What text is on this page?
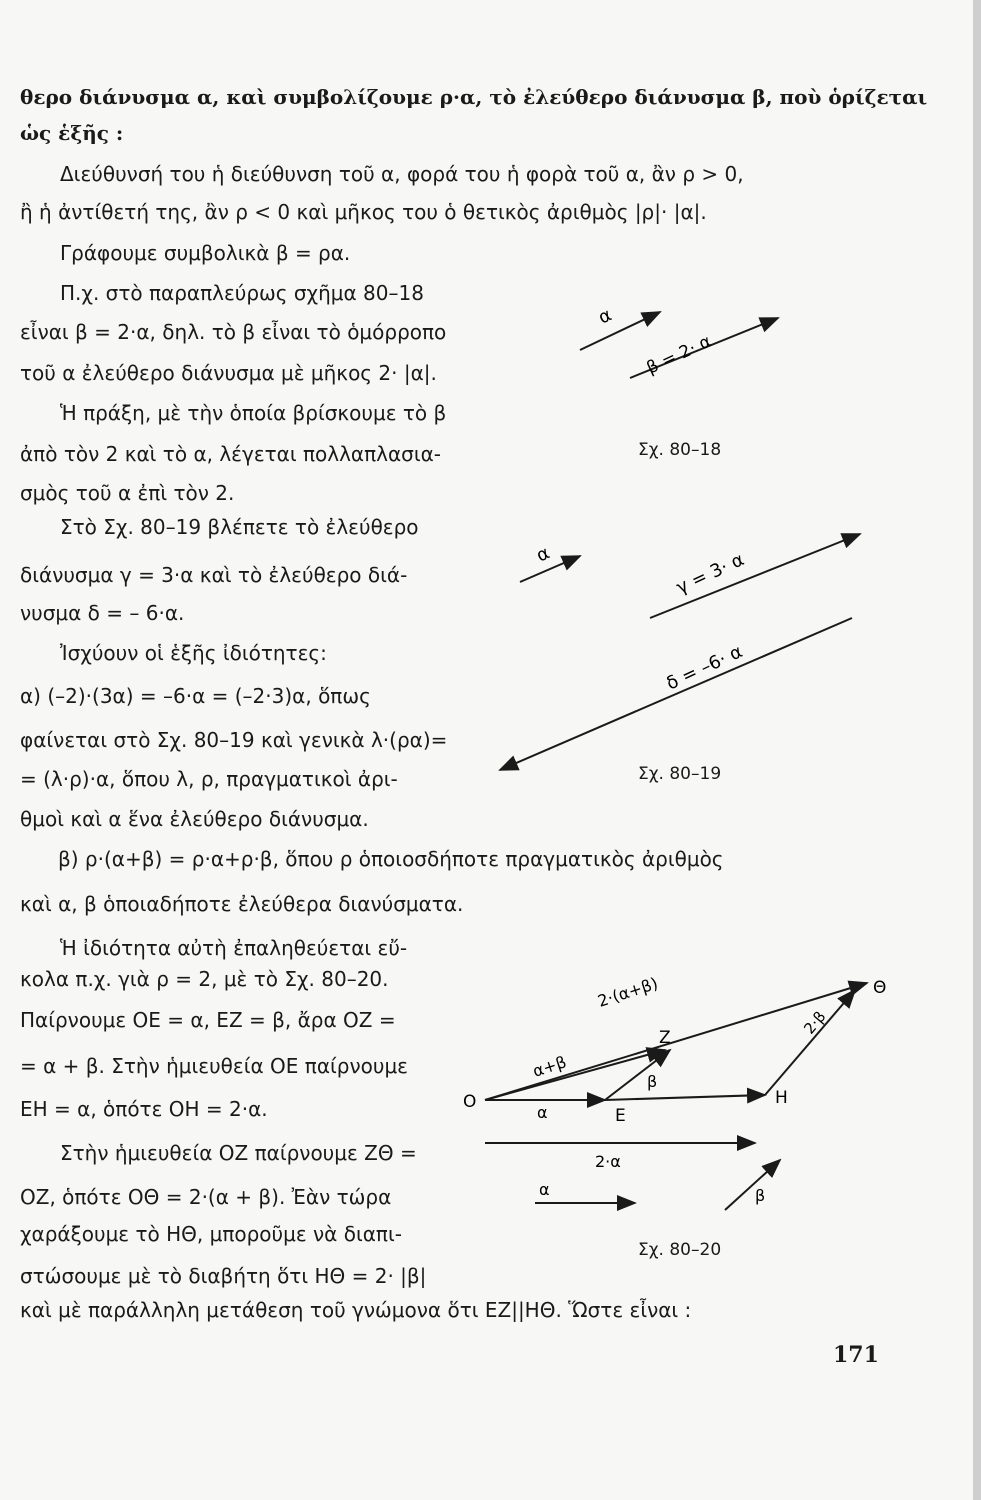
θερο διάνυσμα α, καὶ συμβολίζουμε ρ·α, τὸ ἐλεύθερο διάνυσμα β, ποὺ ὁρίζεται
ὡς ἑξῆς :
Διεύθυνσή του ἡ διεύθυνση τοῦ α, φορά του ἡ φορὰ τοῦ α, ἂν ρ > 0,
ἢ ἡ ἀντίθετή της, ἂν ρ < 0 καὶ μῆκος του ὁ θετικὸς ἀριθμὸς |ρ|· |α|.
Γράφουμε συμβολικὰ β = ρα.
Π.χ. στὸ παραπλεύρως σχῆμα 80–18
εἶναι β = 2·α, δηλ. τὸ β εἶναι τὸ ὁμόρροπο
τοῦ α ἐλεύθερο διάνυσμα μὲ μῆκος 2· |α|.
Ἡ πράξη, μὲ τὴν ὁποία βρίσκουμε τὸ β
ἀπὸ τὸν 2 καὶ τὸ α, λέγεται πολλαπλασια-
σμὸς τοῦ α ἐπὶ τὸν 2.
Στὸ Σχ. 80–19 βλέπετε τὸ ἐλεύθερο
διάνυσμα γ = 3·α καὶ τὸ ἐλεύθερο διά-
νυσμα δ = – 6·α.
Ἰσχύουν οἱ ἑξῆς ἰδιότητες:
α) (–2)·(3α) = –6·α = (–2·3)α, ὅπως
φαίνεται στὸ Σχ. 80–19 καὶ γενικὰ λ·(ρα)=
= (λ·ρ)·α, ὅπου λ, ρ, πραγματικοὶ ἀρι-
θμοὶ καὶ α ἕνα ἐλεύθερο διάνυσμα.
β) ρ·(α+β) = ρ·α+ρ·β, ὅπου ρ ὁποιοσδήποτε πραγματικὸς ἀριθμὸς
καὶ α, β ὁποιαδήποτε ἐλεύθερα διανύσματα.
Ἡ ἰδιότητα αὐτὴ ἐπαληθεύεται εὔ-
κολα π.χ. γιὰ ρ = 2, μὲ τὸ Σχ. 80–20.
Παίρνουμε ΟΕ = α, ΕΖ = β, ἄρα ΟΖ =
= α + β. Στὴν ἡμιευθεία ΟΕ παίρνουμε
ΕΗ = α, ὁπότε ΟΗ = 2·α.
Στὴν ἡμιευθεία ΟΖ παίρνουμε ΖΘ =
ΟΖ, ὁπότε ΟΘ = 2·(α + β). Ἐὰν τώρα
χαράξουμε τὸ ΗΘ, μποροῦμε νὰ διαπι-
στώσουμε μὲ τὸ διαβήτη ὅτι ΗΘ = 2· |β|
καὶ μὲ παράλληλη μετάθεση τοῦ γνώμονα ὅτι ΕΖ||ΗΘ. Ὥστε εἶναι :
α
β = 2· α
Σχ. 80–18
α	γ = 3· α
δ = –6· α
Σχ. 80–19
O
E
H
Z
Θ
α
α+β
β
2·(α+β)
2·β
2·α
α	β
Σχ. 80–20
171
